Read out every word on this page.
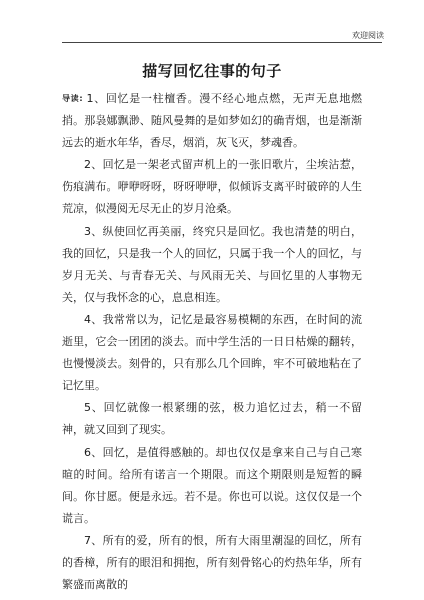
欢迎阅读
描写回忆往事的句子

导读: 1、回忆是一柱檀香。漫不经心地点燃，无声无息地燃捎。那袅娜飘渺、随风曼舞的是如梦如幻的确青烟，也是渐渐远去的逝水年华，香尽，烟消，灰飞灭，梦魂香。

2、回忆是一架老式留声机上的一张旧歌片，尘埃沾惹，伤痕满布。咿咿呀呀，呀呀咿咿，似倾诉支离平时破碎的人生荒凉，似漫阅无尽无止的岁月沧桑。

3、纵使回忆再美丽，终究只是回忆。我也清楚的明白，我的回忆，只是我一个人的回忆，只属于我一个人的回忆，与岁月无关、与青春无关、与风雨无关、与回忆里的人事物无关，仅与我怀念的心，息息相连。

4、我常常以为，记忆是最容易模糊的东西，在时间的流逝里，它会一团团的淡去。而中学生活的一日日枯燥的翻转，也慢慢淡去。刻骨的，只有那么几个回眸，牢不可破地粘在了记忆里。

5、回忆就像一根紧绷的弦，极力追忆过去，稍一不留神，就又回到了现实。

6、回忆，是值得感触的。却也仅仅是拿来自己与自己寒暄的时间。给所有诺言一个期限。而这个期限则是短暂的瞬间。你甘愿。便是永远。若不是。你也可以说。这仅仅是一个谎言。

7、所有的爱，所有的恨，所有大雨里潮湿的回忆，所有的香樟，所有的眼泪和拥抱，所有刻骨铭心的灼热年华，所有繁盛而离散的
